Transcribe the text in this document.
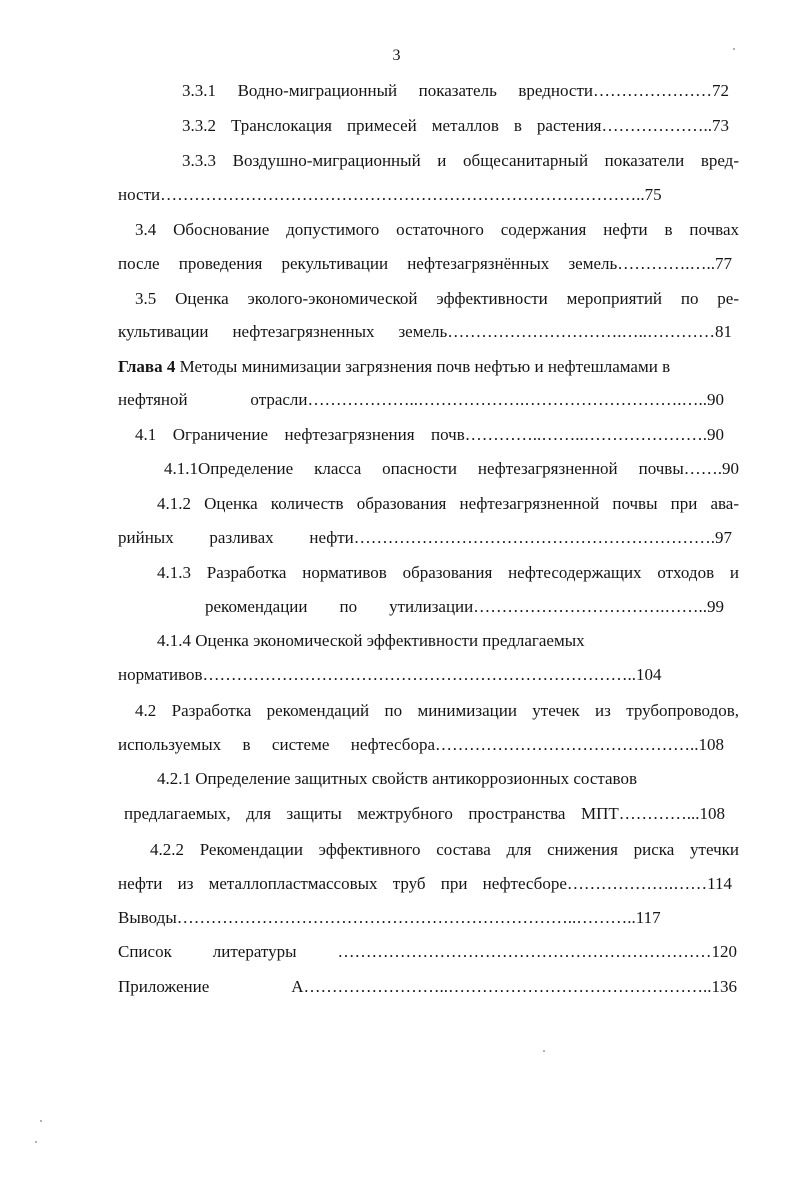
3
3.3.1 Водно-миграционный показатель вредности…………………72
3.3.2 Транслокация примесей металлов в растения………………..73
3.3.3 Воздушно-миграционный и общесанитарный показатели вред-
ности…………………………………………………………………………..75
3.4 Обоснование допустимого остаточного содержания нефти в почвах
после проведения рекультивации нефтезагрязнённых земель………….…..77
3.5 Оценка эколого-экономической эффективности мероприятий по ре-
культивации нефтезагрязненных земель………………………….…..…………81
Глава 4 Методы минимизации загрязнения почв нефтью и нефтешламами в
нефтяной отрасли………………..……………….……………………….…..90
4.1 Ограничение нефтезагрязнения почв…………..……..………………….90
4.1.1Определение класса опасности нефтезагрязненной почвы…….90
4.1.2 Оценка количеств образования нефтезагрязненной почвы при ава-
рийных разливах нефти……………………………………………………….97
4.1.3 Разработка нормативов образования нефтесодержащих отходов и
рекомендации по утилизации…………………………….……..99
4.1.4 Оценка экономической эффективности предлагаемых
нормативов…………………………………………………………………..104
4.2 Разработка рекомендаций по минимизации утечек из трубопроводов,
используемых в системе нефтесбора………………………………………..108
4.2.1 Определение защитных свойств антикоррозионных составов
предлагаемых, для защиты межтрубного пространства МПТ…………...108
4.2.2 Рекомендации эффективного состава для снижения риска утечки
нефти из металлопластмассовых труб при нефтесборе……………….……114
Выводы……………………………………………………………..………..117
Список литературы …………………………………………………………120
Приложение А……………………..………………………………………..136
